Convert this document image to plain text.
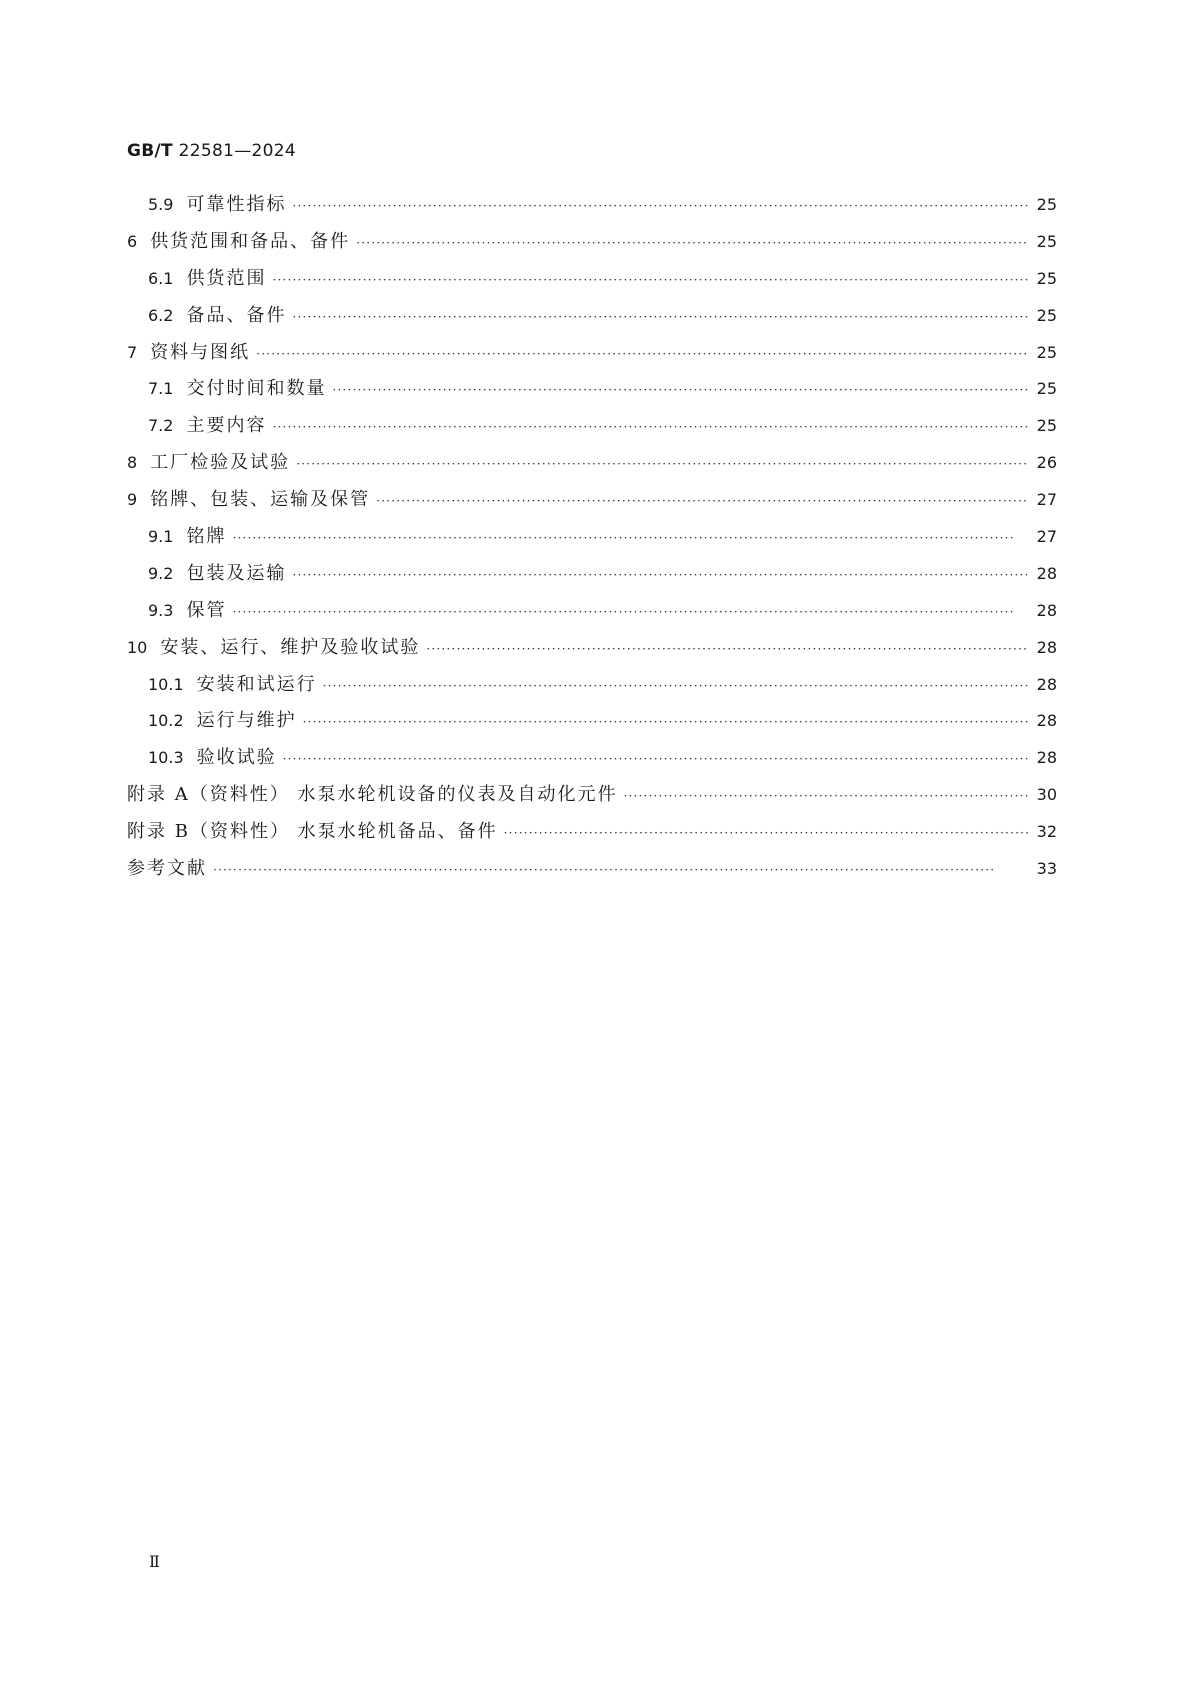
GB/T 22581—2024
5.9 可靠性指标 ·····	25
6 供货范围和备品、备件 ·····	25
6.1 供货范围 ·····	25
6.2 备品、备件 ·····	25
7 资料与图纸 ·····	25
7.1 交付时间和数量 ·····	25
7.2 主要内容 ·····	25
8 工厂检验及试验 ·····	26
9 铭牌、包装、运输及保管 ·····	27
9.1 铭牌 ·····	27
9.2 包装及运输 ·····	28
9.3 保管 ·····	28
10 安装、运行、维护及验收试验 ·····	28
10.1 安装和试运行 ·····	28
10.2 运行与维护 ·····	28
10.3 验收试验 ·····	28
附录 A（资料性） 水泵水轮机设备的仪表及自动化元件 ·····	30
附录 B（资料性） 水泵水轮机备品、备件 ·····	32
参考文献 ·····	33
Ⅱ
